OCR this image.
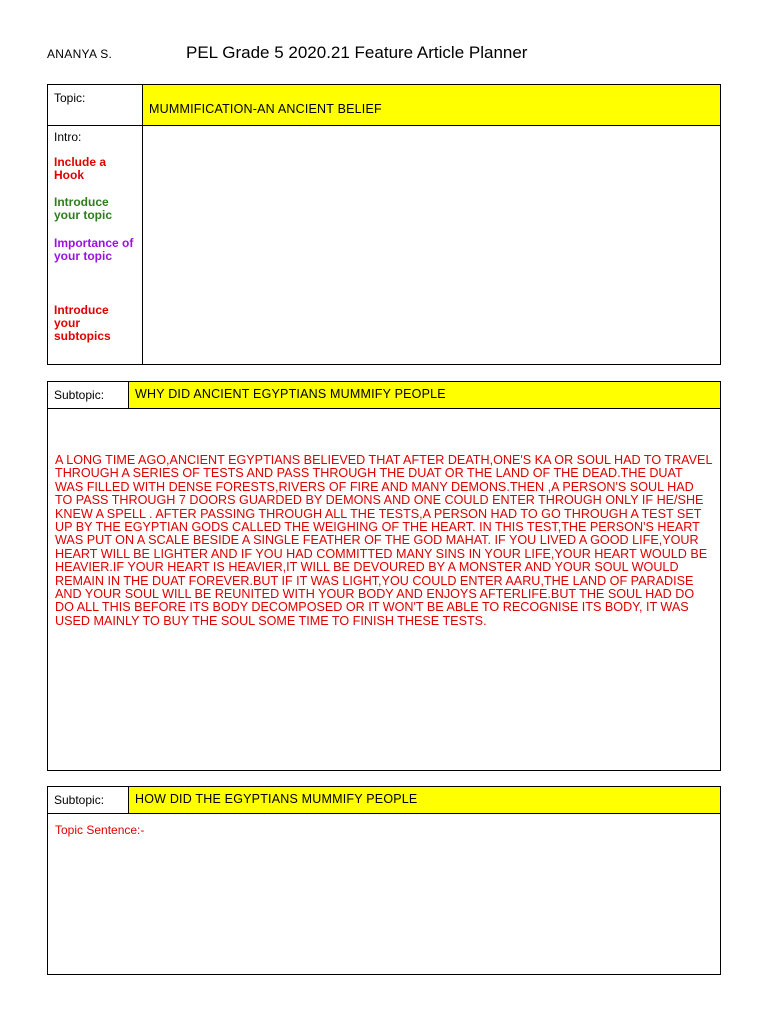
ANANYA S.	PEL Grade 5 2020.21 Feature Article Planner
MUMMIFICATION-AN ANCIENT BELIEF
Topic:
Intro:
Include a Hook
Introduce your topic
Importance of your topic
Introduce your subtopics
WHY DID ANCIENT EGYPTIANS MUMMIFY PEOPLE
Subtopic:
A LONG TIME AGO,ANCIENT EGYPTIANS BELIEVED THAT AFTER DEATH,ONE'S KA OR SOUL HAD TO TRAVEL THROUGH A SERIES OF TESTS AND PASS THROUGH THE DUAT OR THE LAND OF THE DEAD.THE DUAT WAS FILLED WITH DENSE FORESTS,RIVERS OF FIRE AND MANY DEMONS.THEN ,A PERSON'S SOUL HAD TO PASS THROUGH 7 DOORS GUARDED BY DEMONS AND ONE COULD ENTER THROUGH ONLY IF HE/SHE KNEW A SPELL . AFTER PASSING THROUGH ALL THE TESTS,A PERSON HAD TO GO THROUGH A TEST SET UP BY THE EGYPTIAN GODS CALLED THE WEIGHING OF THE HEART. IN THIS TEST,THE PERSON'S HEART WAS PUT ON A SCALE BESIDE A SINGLE FEATHER OF THE GOD MAHAT. IF YOU LIVED A GOOD LIFE,YOUR HEART WILL BE LIGHTER AND IF YOU HAD COMMITTED MANY SINS IN YOUR LIFE,YOUR HEART WOULD BE HEAVIER.IF YOUR HEART IS HEAVIER,IT WILL BE DEVOURED BY A MONSTER AND YOUR SOUL WOULD REMAIN IN THE DUAT FOREVER.BUT IF IT WAS LIGHT,YOU COULD ENTER AARU,THE LAND OF PARADISE AND YOUR SOUL WILL BE REUNITED WITH YOUR BODY AND ENJOYS AFTERLIFE.BUT THE SOUL HAD DO DO ALL THIS BEFORE ITS BODY DECOMPOSED OR IT WON'T BE ABLE TO RECOGNISE ITS BODY, IT WAS USED MAINLY TO BUY THE SOUL SOME TIME TO FINISH THESE TESTS.
HOW DID THE EGYPTIANS MUMMIFY PEOPLE
Subtopic:
Topic Sentence:-
